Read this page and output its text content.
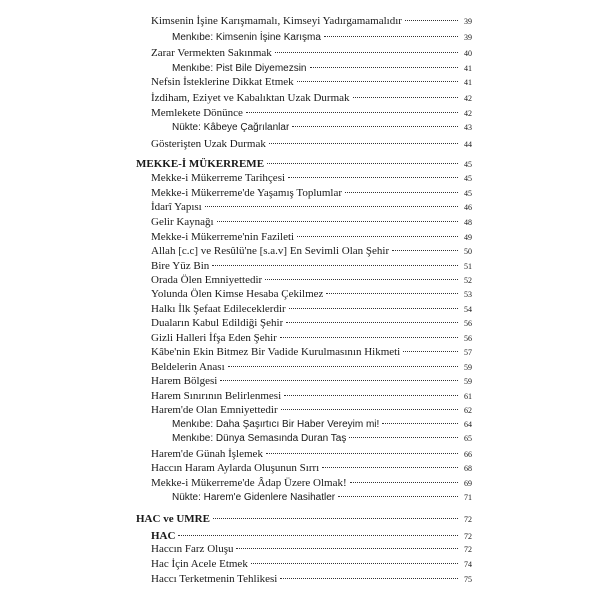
Kimsenin İşine Karışmamalı, Kimseyi Yadırgamamalıdır	39
Menkıbe: Kimsenin İşine Karışma	39
Zarar Vermekten Sakınmak	40
Menkıbe: Pist Bile Diyemezsin	41
Nefsin İsteklerine Dikkat Etmek	41
İzdiham, Eziyet ve Kabalıktan Uzak Durmak	42
Memlekete Dönünce	42
Nükte: Kâbeye Çağrılanlar	43
Gösterişten Uzak Durmak	44
MEKKE-İ MÜKERREME	45
Mekke-i Mükerreme Tarihçesi	45
Mekke-i Mükerreme'de Yaşamış Toplumlar	45
İdarî Yapısı	46
Gelir Kaynağı	48
Mekke-i Mükerreme'nin Fazileti	49
Allah [c.c] ve Resûlü'ne [s.a.v] En Sevimli Olan Şehir	50
Bire Yüz Bin	51
Orada Ölen Emniyettedir	52
Yolunda Ölen Kimse Hesaba Çekilmez	53
Halkı İlk Şefaat Edileceklerdir	54
Duaların Kabul Edildiği Şehir	56
Gizli Halleri İfşa Eden Şehir	56
Kâbe'nin Ekin Bitmez Bir Vadide Kurulmasının Hikmeti	57
Beldelerin Anası	59
Harem Bölgesi	59
Harem Sınırının Belirlenmesi	61
Harem'de Olan Emniyettedir	62
Menkıbe: Daha Şaşırtıcı Bir Haber Vereyim mi!	64
Menkıbe: Dünya Semasında Duran Taş	65
Harem'de Günah İşlemek	66
Haccın Haram Aylarda Oluşunun Sırrı	68
Mekke-i Mükerreme'de Âdap Üzere Olmak!	69
Nükte: Harem'e Gidenlere Nasihatler	71
HAC ve UMRE	72
HAC	72
Haccın Farz Oluşu	72
Hac İçin Acele Etmek	74
Haccı Terketmenin Tehlikesi	75
